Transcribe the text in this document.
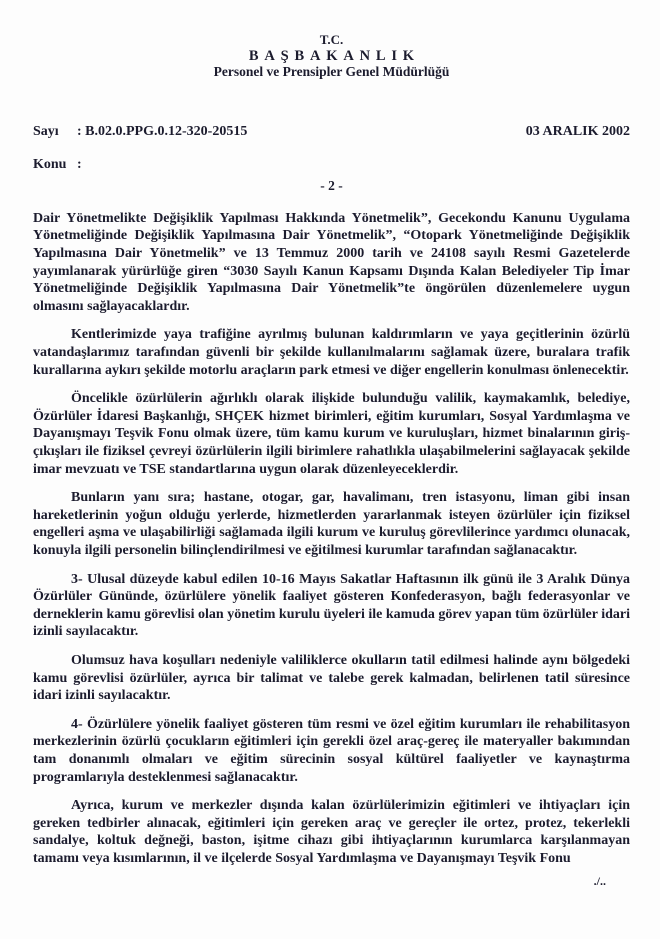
T.C.
BAŞBAKANLIK
Personel ve Prensipler Genel Müdürlüğü
Sayı : B.02.0.PPG.0.12-320-20515	03 ARALIK 2002
Konu :
- 2 -

Dair Yönetmelikte Değişiklik Yapılması Hakkında Yönetmelik”, Gecekondu Kanunu Uygulama Yönetmeliğinde Değişiklik Yapılmasına Dair Yönetmelik”, “Otopark Yönetmeliğinde Değişiklik Yapılmasına Dair Yönetmelik” ve 13 Temmuz 2000 tarih ve 24108 sayılı Resmi Gazetelerde yayımlanarak yürürlüğe giren “3030 Sayılı Kanun Kapsamı Dışında Kalan Belediyeler Tip İmar Yönetmeliğinde Değişiklik Yapılmasına Dair Yönetmelik”te öngörülen düzenlemelere uygun olmasını sağlayacaklardır.

Kentlerimizde yaya trafiğine ayrılmış bulunan kaldırımların ve yaya geçitlerinin özürlü vatandaşlarımız tarafından güvenli bir şekilde kullanılmalarını sağlamak üzere, buralara trafik kurallarına aykırı şekilde motorlu araçların park etmesi ve diğer engellerin konulması önlenecektir.

Öncelikle özürlülerin ağırlıklı olarak ilişkide bulunduğu valilik, kaymakamlık, belediye, Özürlüler İdaresi Başkanlığı, SHÇEK hizmet birimleri, eğitim kurumları, Sosyal Yardımlaşma ve Dayanışmayı Teşvik Fonu olmak üzere, tüm kamu kurum ve kuruluşları, hizmet binalarının giriş-çıkışları ile fiziksel çevreyi özürlülerin ilgili birimlere rahatlıkla ulaşabilmelerini sağlayacak şekilde imar mevzuatı ve TSE standartlarına uygun olarak düzenleyeceklerdir.

Bunların yanı sıra; hastane, otogar, gar, havalimanı, tren istasyonu, liman gibi insan hareketlerinin yoğun olduğu yerlerde, hizmetlerden yararlanmak isteyen özürlüler için fiziksel engelleri aşma ve ulaşabilirliği sağlamada ilgili kurum ve kuruluş görevlilerince yardımcı olunacak, konuyla ilgili personelin bilinçlendirilmesi ve eğitilmesi kurumlar tarafından sağlanacaktır.

3- Ulusal düzeyde kabul edilen 10-16 Mayıs Sakatlar Haftasının ilk günü ile 3 Aralık Dünya Özürlüler Gününde, özürlülere yönelik faaliyet gösteren Konfederasyon, bağlı federasyonlar ve derneklerin kamu görevlisi olan yönetim kurulu üyeleri ile kamuda görev yapan tüm özürlüler idari izinli sayılacaktır.

Olumsuz hava koşulları nedeniyle valiliklerce okulların tatil edilmesi halinde aynı bölgedeki kamu görevlisi özürlüler, ayrıca bir talimat ve talebe gerek kalmadan, belirlenen tatil süresince idari izinli sayılacaktır.

4- Özürlülere yönelik faaliyet gösteren tüm resmi ve özel eğitim kurumları ile rehabilitasyon merkezlerinin özürlü çocukların eğitimleri için gerekli özel araç-gereç ile materyaller bakımından tam donanımlı olmaları ve eğitim sürecinin sosyal kültürel faaliyetler ve kaynaştırma programlarıyla desteklenmesi sağlanacaktır.

Ayrıca, kurum ve merkezler dışında kalan özürlülerimizin eğitimleri ve ihtiyaçları için gereken tedbirler alınacak, eğitimleri için gereken araç ve gereçler ile ortez, protez, tekerlekli sandalye, koltuk değneği, baston, işitme cihazı gibi ihtiyaçlarının kurumlarca karşılanmayan tamamı veya kısımlarının, il ve ilçelerde Sosyal Yardımlaşma ve Dayanışmayı Teşvik Fonu

./..
